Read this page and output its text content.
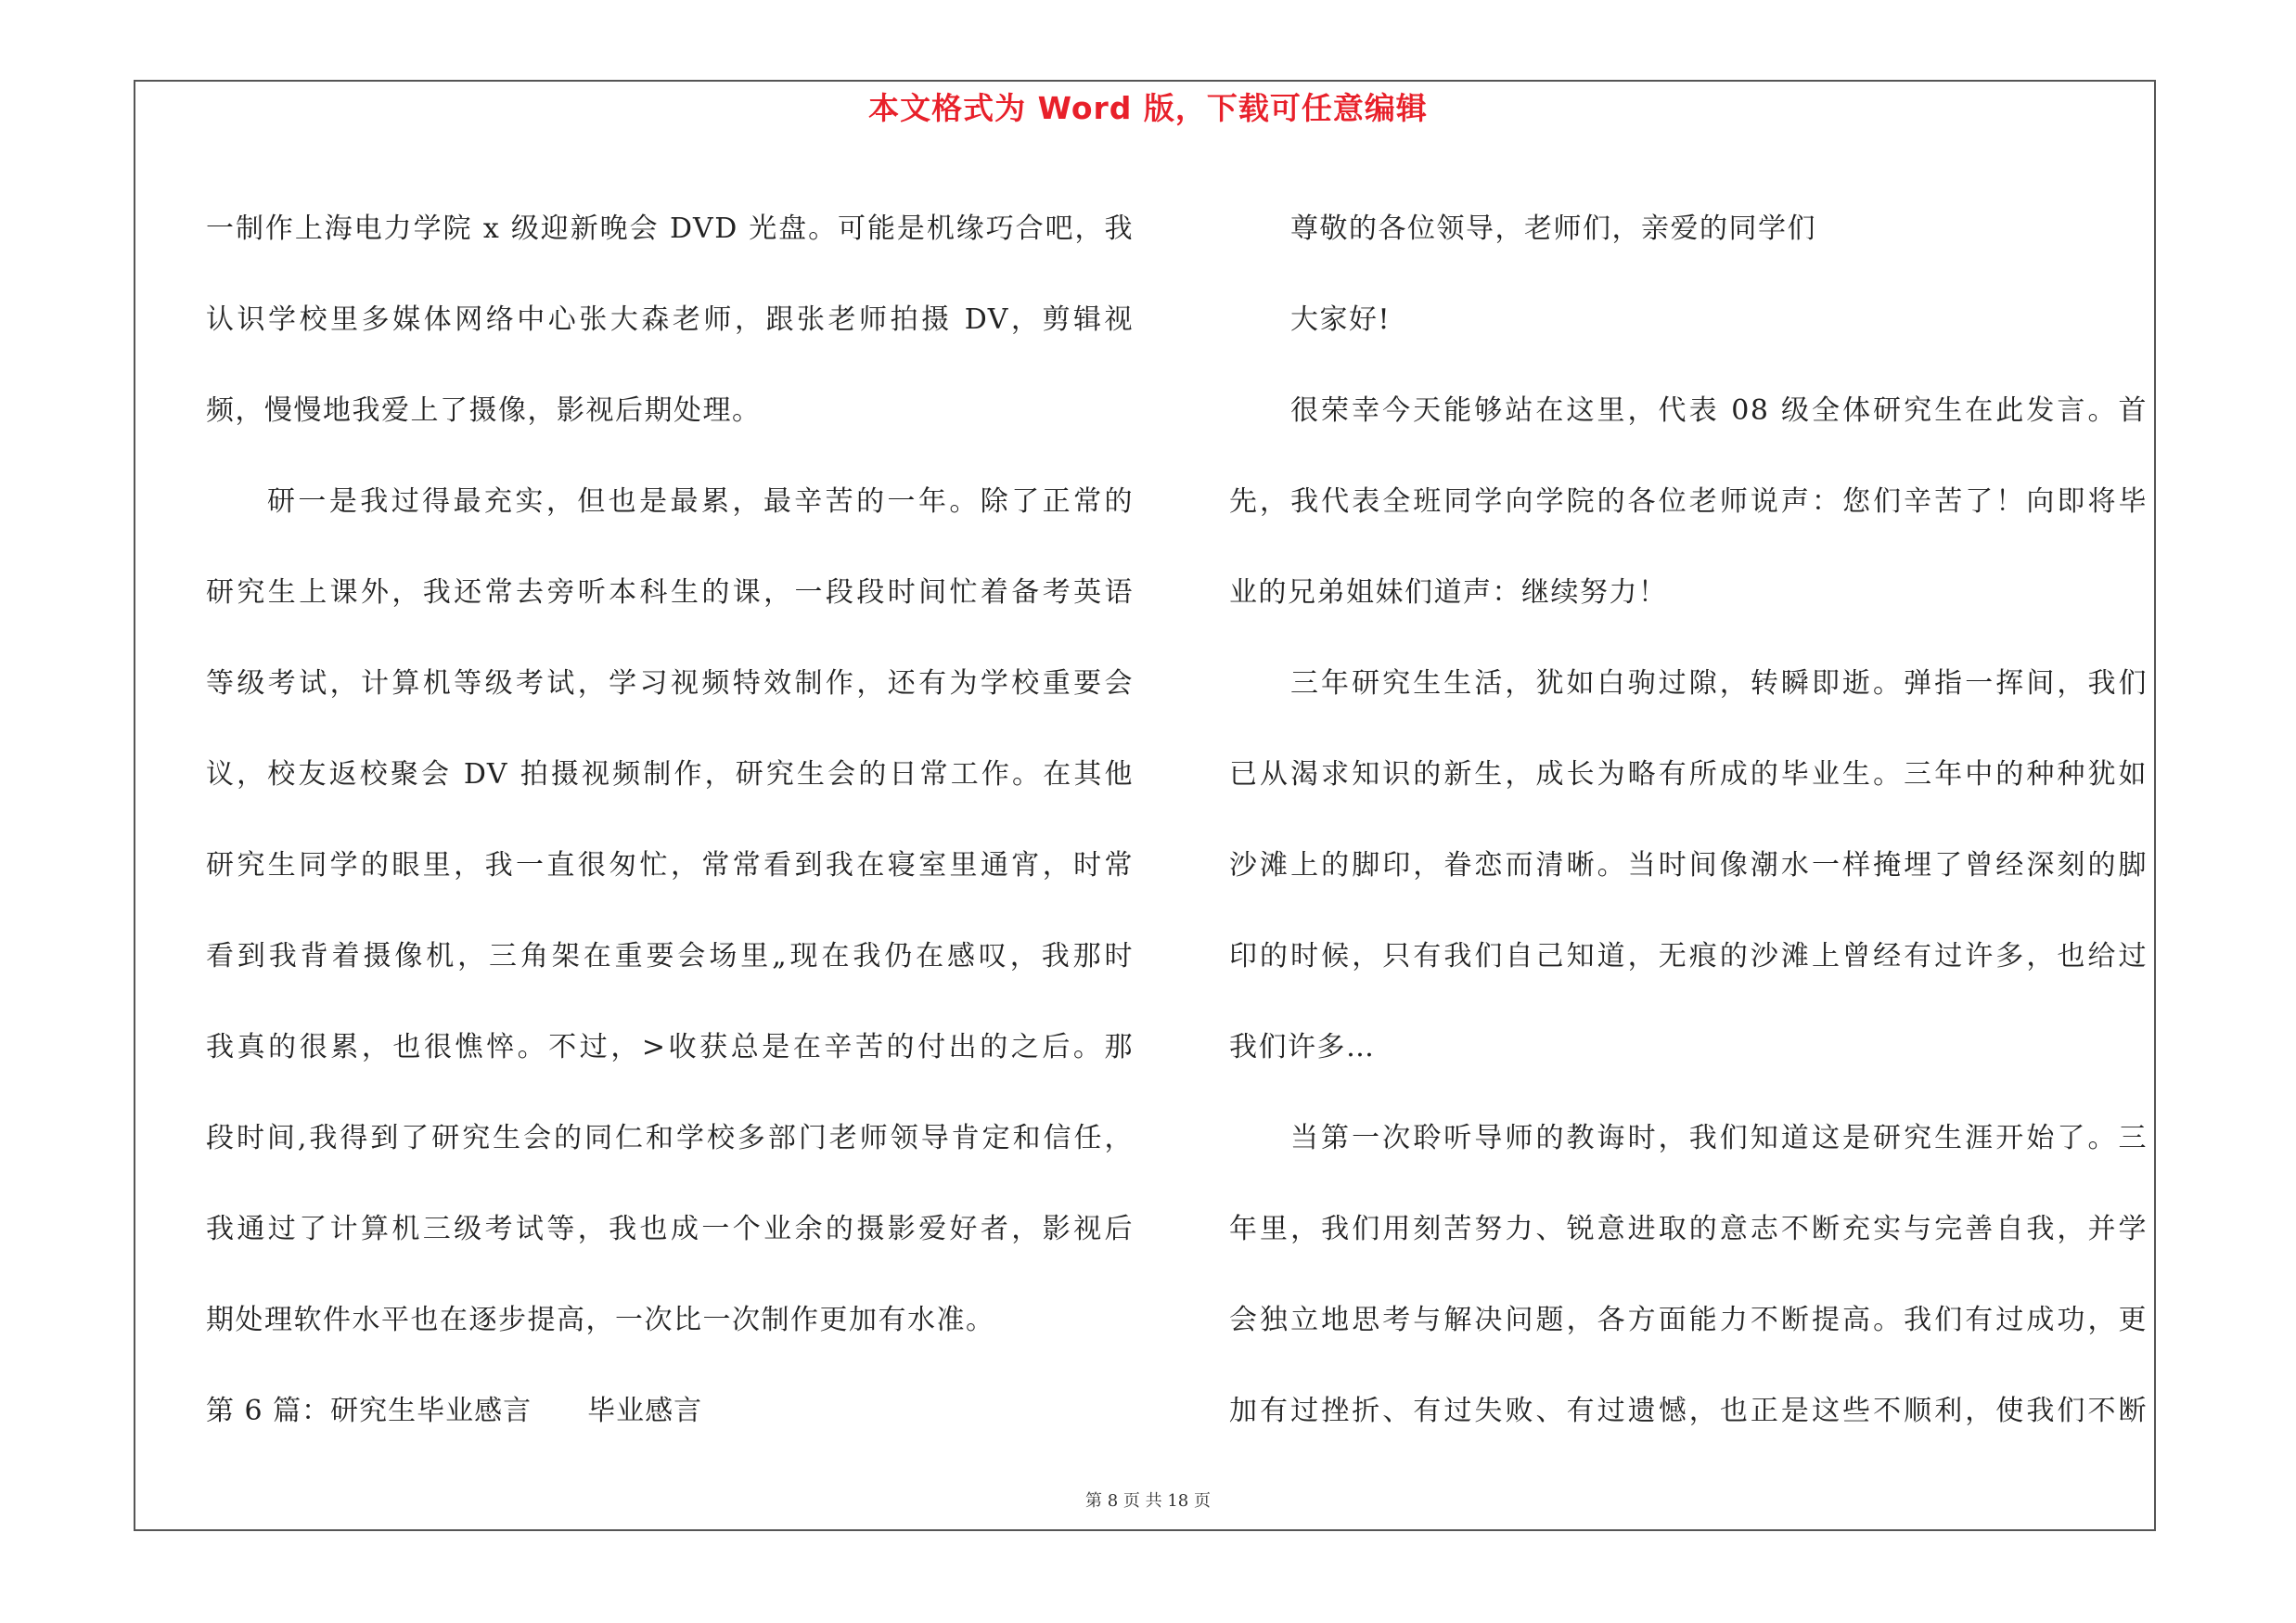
本文格式为 Word 版，下载可任意编辑
一制作上海电力学院 x 级迎新晚会 DVD 光盘。可能是机缘巧合吧，我
认识学校里多媒体网络中心张大森老师，跟张老师拍摄 DV，剪辑视
频，慢慢地我爱上了摄像，影视后期处理。
研一是我过得最充实，但也是最累，最辛苦的一年。除了正常的
研究生上课外，我还常去旁听本科生的课，一段段时间忙着备考英语
等级考试，计算机等级考试，学习视频特效制作，还有为学校重要会
议，校友返校聚会 DV 拍摄视频制作，研究生会的日常工作。在其他
研究生同学的眼里，我一直很匆忙，常常看到我在寝室里通宵，时常
看到我背着摄像机，三角架在重要会场里„现在我仍在感叹，我那时
我真的很累，也很憔悴。不过，>收获总是在辛苦的付出的之后。那
段时间,我得到了研究生会的同仁和学校多部门老师领导肯定和信任，
我通过了计算机三级考试等，我也成一个业余的摄影爱好者，影视后
期处理软件水平也在逐步提高，一次比一次制作更加有水准。
第 6 篇：研究生毕业感言 毕业感言
尊敬的各位领导，老师们，亲爱的同学们
大家好!
很荣幸今天能够站在这里，代表 08 级全体研究生在此发言。首
先，我代表全班同学向学院的各位老师说声：您们辛苦了！向即将毕
业的兄弟姐妹们道声：继续努力！
三年研究生生活，犹如白驹过隙，转瞬即逝。弹指一挥间，我们
已从渴求知识的新生，成长为略有所成的毕业生。三年中的种种犹如
沙滩上的脚印，眷恋而清晰。当时间像潮水一样掩埋了曾经深刻的脚
印的时候，只有我们自己知道，无痕的沙滩上曾经有过许多，也给过
我们许多…
当第一次聆听导师的教诲时，我们知道这是研究生涯开始了。三
年里，我们用刻苦努力、锐意进取的意志不断充实与完善自我，并学
会独立地思考与解决问题，各方面能力不断提高。我们有过成功，更
加有过挫折、有过失败、有过遗憾，也正是这些不顺利，使我们不断
第 8 页 共 18 页
